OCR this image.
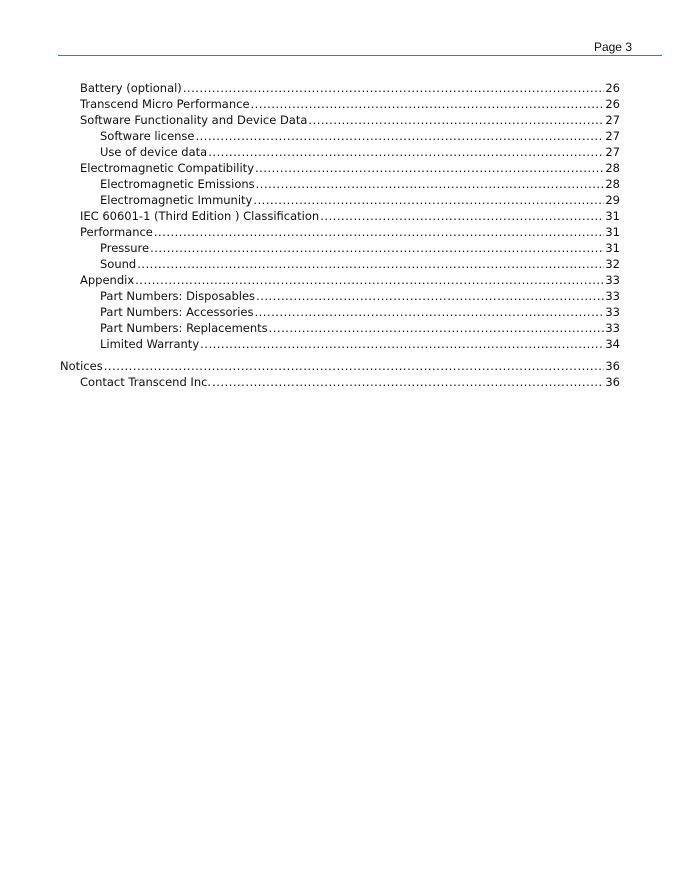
Page 3
Battery (optional) .....	26
Transcend Micro Performance .....	26
Software Functionality and Device Data .....	27
Software license .....	27
Use of device data .....	27
Electromagnetic Compatibility .....	28
Electromagnetic Emissions .....	28
Electromagnetic Immunity .....	29
IEC 60601-1 (Third Edition ) Classification .....	31
Performance .....	31
Pressure .....	31
Sound .....	32
Appendix .....	33
Part Numbers: Disposables .....	33
Part Numbers: Accessories .....	33
Part Numbers: Replacements .....	33
Limited Warranty .....	34
Notices .....	36
Contact Transcend Inc. .....	36
